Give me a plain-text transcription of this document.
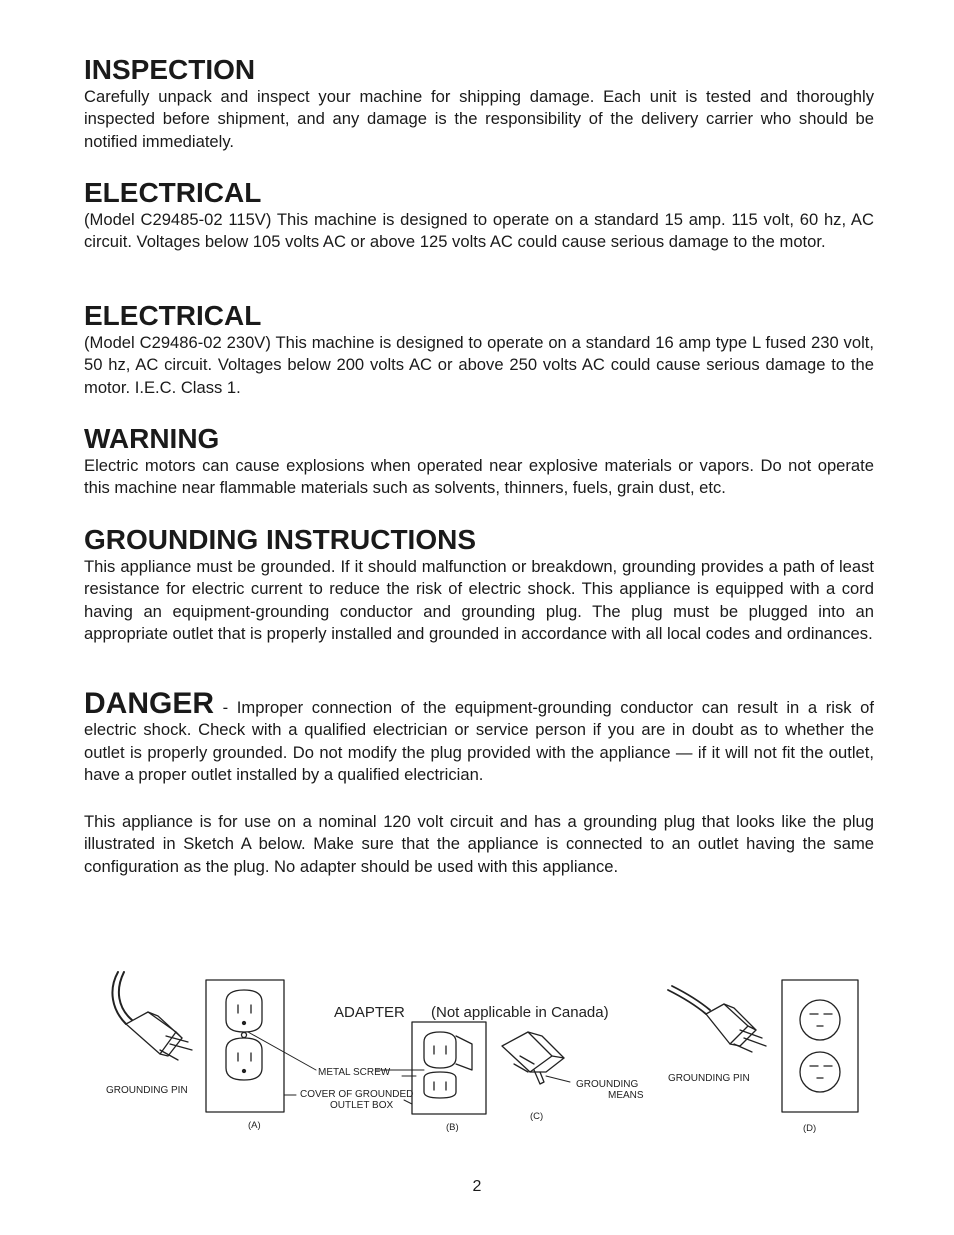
INSPECTION

Carefully unpack and inspect your machine for shipping damage. Each unit is tested and thoroughly inspected before shipment, and any damage is the responsibility of the delivery carrier who should be notified immediately.

ELECTRICAL

(Model C29485-02 115V) This machine is designed to operate on a standard 15 amp. 115 volt, 60 hz, AC circuit. Voltages below 105 volts AC or above 125 volts AC could cause serious damage to the motor.

ELECTRICAL

(Model C29486-02 230V) This machine is designed to operate on a standard 16 amp type L fused 230 volt, 50 hz, AC circuit. Voltages below 200 volts AC or above 250 volts AC could cause serious damage to the motor. I.E.C. Class 1.

WARNING

Electric motors can cause explosions when operated near explosive materials or vapors. Do not operate this machine near flammable materials such as solvents, thinners, fuels, grain dust, etc.

GROUNDING INSTRUCTIONS

This appliance must be grounded. If it should malfunction or breakdown, grounding provides a path of least resistance for electric current to reduce the risk of electric shock. This appliance is equipped with a cord having an equipment-grounding conductor and grounding plug. The plug must be plugged into an appropriate outlet that is properly installed and grounded in accordance with all local codes and ordinances.

DANGER - Improper connection of the equipment-grounding conductor can result in a risk of electric shock. Check with a qualified electrician or service person if you are in doubt as to whether the outlet is properly grounded. Do not modify the plug provided with the appliance — if it will not fit the outlet, have a proper outlet installed by a qualified electrician.

This appliance is for use on a nominal 120 volt circuit and has a grounding plug that looks like the plug illustrated in Sketch A below. Make sure that the appliance is connected to an outlet having the same configuration as the plug. No adapter should be used with this appliance.

ADAPTER (Not applicable in Canada)
GROUNDING PIN
METAL SCREW
COVER OF GROUNDED
OUTLET BOX
GROUNDING
MEANS
GROUNDING PIN
(A)	(B)
(C)
(D)
2
